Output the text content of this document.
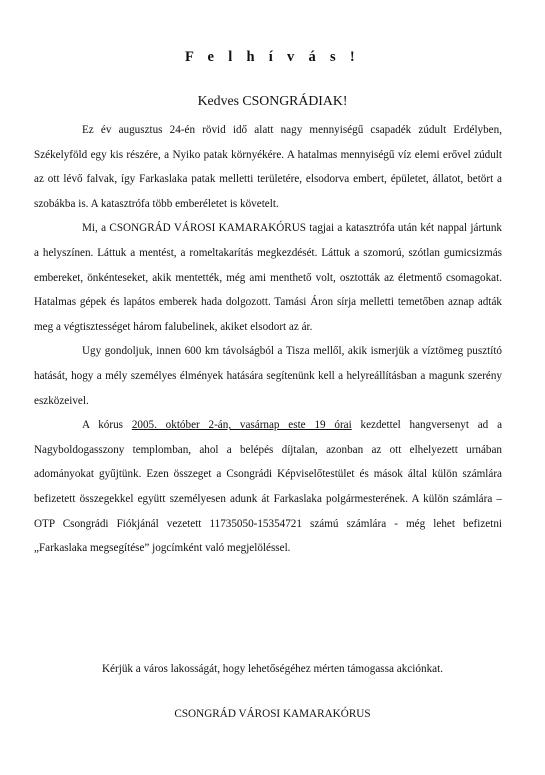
F e l h í v á s !
Kedves CSONGRÁDIAK!

Ez év augusztus 24-én rövid idő alatt nagy mennyiségű csapadék zúdult Erdélyben, Székelyföld egy kis részére, a Nyiko patak környékére. A hatalmas mennyiségű víz elemi erővel zúdult az ott lévő falvak, így Farkaslaka patak melletti területére, elsodorva embert, épületet, állatot, betört a szobákba is. A katasztrófa több emberéletet is követelt.

Mi, a CSONGRÁD VÁROSI KAMARAKÓRUS tagjai a katasztrófa után két nappal jártunk a helyszínen. Láttuk a mentést, a romeltakarítás megkezdését. Láttuk a szomorú, szótlan gumicsizmás embereket, önkénteseket, akik mentették, még ami menthető volt, osztották az életmentő csomagokat. Hatalmas gépek és lapátos emberek hada dolgozott. Tamási Áron sírja melletti temetőben aznap adták meg a végtisztességet három falubelinek, akiket elsodort az ár.

Ugy gondoljuk, innen 600 km távolságból a Tisza mellől, akik ismerjük a víztömeg pusztító hatását, hogy a mély személyes élmények hatására segítenünk kell a helyreállításban a magunk szerény eszközeivel.

A kórus 2005. október 2-án, vasárnap este 19 órai kezdettel hangversenyt ad a Nagyboldogasszony templomban, ahol a belépés díjtalan, azonban az ott elhelyezett urnában adományokat gyűjtünk. Ezen összeget a Csongrádi Képviselőtestület és mások által külön számlára befizetett összegekkel együtt személyesen adunk át Farkaslaka polgármesterének. A külön számlára – OTP Csongrádi Fiókjánál vezetett 11735050-15354721 számú számlára - még lehet befizetni „Farkaslaka megsegítése” jogcímként való megjelöléssel.

Kérjük a város lakosságát, hogy lehetőségéhez mérten támogassa akciónkat.
CSONGRÁD VÁROSI KAMARAKÓRUS
